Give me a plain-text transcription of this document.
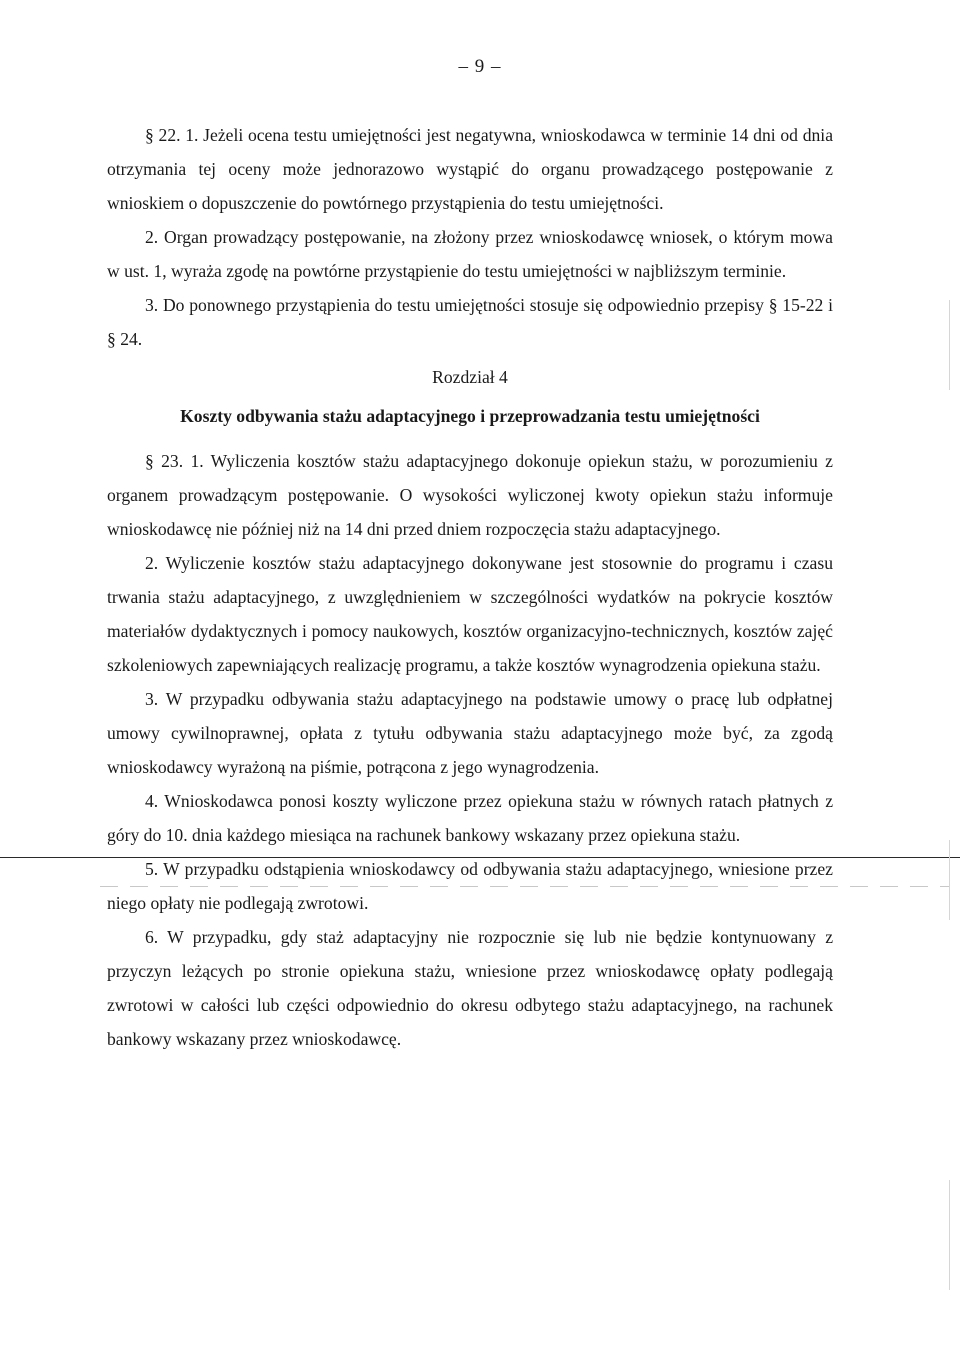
– 9 –

§ 22. 1. Jeżeli ocena testu umiejętności jest negatywna, wnioskodawca w terminie 14 dni od dnia otrzymania tej oceny może jednorazowo wystąpić do organu prowadzącego postępowanie z wnioskiem o dopuszczenie do powtórnego przystąpienia do testu umiejętności.

2. Organ prowadzący postępowanie, na złożony przez wnioskodawcę wniosek, o którym mowa w ust. 1, wyraża zgodę na powtórne przystąpienie do testu umiejętności w najbliższym terminie.

3. Do ponownego przystąpienia do testu umiejętności stosuje się odpowiednio przepisy § 15-22 i § 24.

Rozdział 4

Koszty odbywania stażu adaptacyjnego i przeprowadzania testu umiejętności

§ 23. 1. Wyliczenia kosztów stażu adaptacyjnego dokonuje opiekun stażu, w porozumieniu z organem prowadzącym postępowanie. O wysokości wyliczonej kwoty opiekun stażu informuje wnioskodawcę nie później niż na 14 dni przed dniem rozpoczęcia stażu adaptacyjnego.

2. Wyliczenie kosztów stażu adaptacyjnego dokonywane jest stosownie do programu i czasu trwania stażu adaptacyjnego, z uwzględnieniem w szczególności wydatków na pokrycie kosztów materiałów dydaktycznych i pomocy naukowych, kosztów organizacyjno-technicznych, kosztów zajęć szkoleniowych zapewniających realizację programu, a także kosztów wynagrodzenia opiekuna stażu.

3. W przypadku odbywania stażu adaptacyjnego na podstawie umowy o pracę lub odpłatnej umowy cywilnoprawnej, opłata z tytułu odbywania stażu adaptacyjnego może być, za zgodą wnioskodawcy wyrażoną na piśmie, potrącona z jego wynagrodzenia.

4. Wnioskodawca ponosi koszty wyliczone przez opiekuna stażu w równych ratach płatnych z góry do 10. dnia każdego miesiąca na rachunek bankowy wskazany przez opiekuna stażu.

5. W przypadku odstąpienia wnioskodawcy od odbywania stażu adaptacyjnego, wniesione przez niego opłaty nie podlegają zwrotowi.

6. W przypadku, gdy staż adaptacyjny nie rozpocznie się lub nie będzie kontynuowany z przyczyn leżących po stronie opiekuna stażu, wniesione przez wnioskodawcę opłaty podlegają zwrotowi w całości lub części odpowiednio do okresu odbytego stażu adaptacyjnego, na rachunek bankowy wskazany przez wnioskodawcę.
